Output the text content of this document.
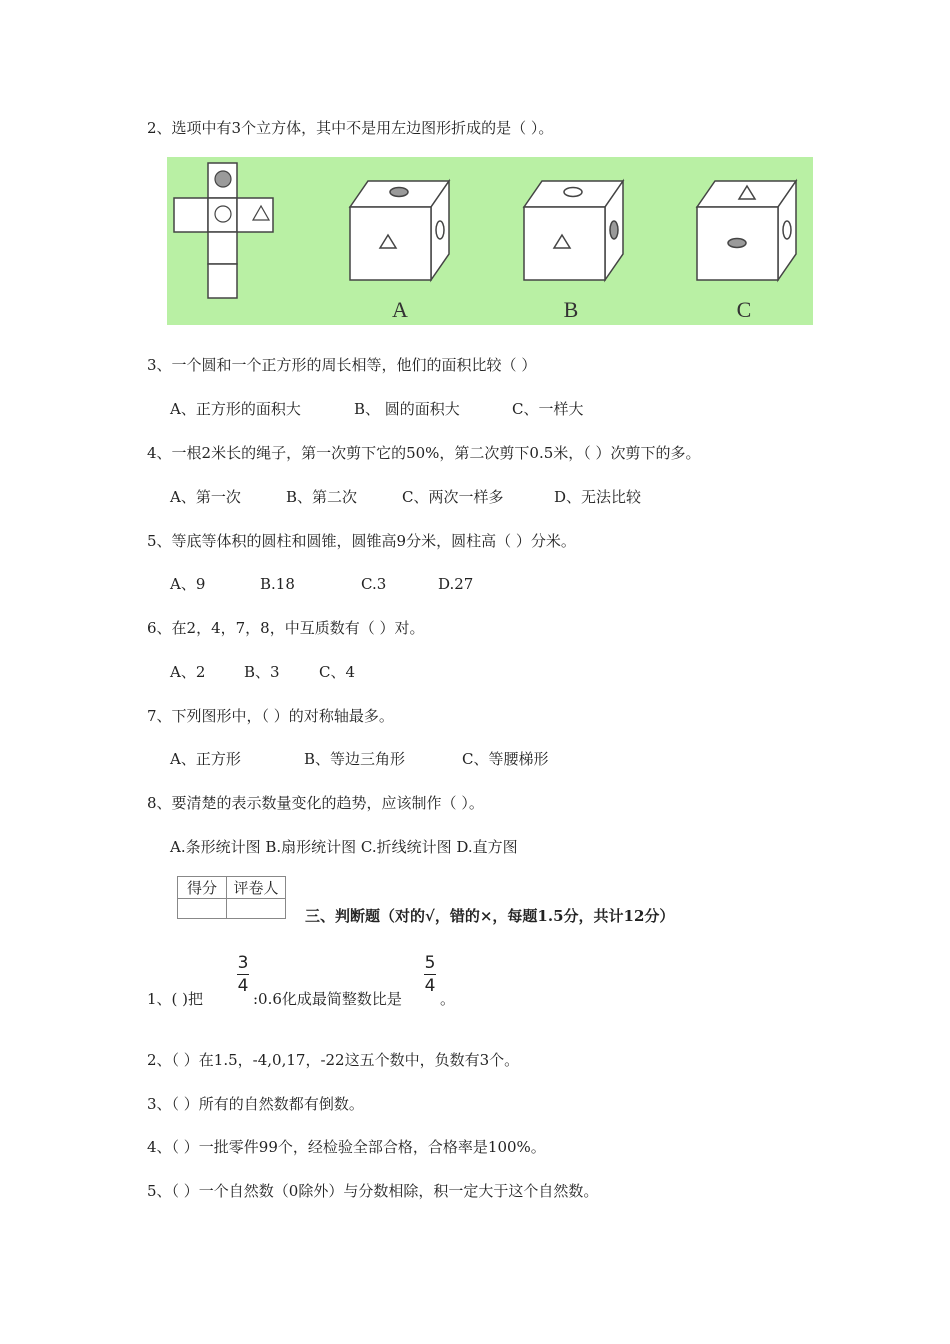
2、选项中有3个立方体，其中不是用左边图形折成的是（ ）。
A	B	C
3、一个圆和一个正方形的周长相等，他们的面积比较（ ）
A、正方形的面积大	B、 圆的面积大	C、一样大
4、一根2米长的绳子，第一次剪下它的50%，第二次剪下0.5米，（ ）次剪下的多。
A、第一次	B、第二次	C、两次一样多	D、无法比较
5、等底等体积的圆柱和圆锥，圆锥高9分米，圆柱高（ ）分米。
A、9	B.18	C.3	D.27
6、在2，4，7，8，中互质数有（ ）对。
A、2	B、3	C、4
7、下列图形中，（ ）的对称轴最多。
A、正方形	B、等边三角形	C、等腰梯形
8、要清楚的表示数量变化的趋势，应该制作（ ）。
A.条形统计图 B.扇形统计图 C.折线统计图 D.直方图
得分	评卷人

三、判断题（对的√，错的×，每题1.5分，共计12分）
3
4
5
4
1、( )把	:0.6化成最简整数比是	。
2、（ ）在1.5，-4,0,17，-22这五个数中，负数有3个。
3、（ ）所有的自然数都有倒数。
4、（ ）一批零件99个，经检验全部合格，合格率是100%。
5、（ ）一个自然数（0除外）与分数相除，积一定大于这个自然数。
